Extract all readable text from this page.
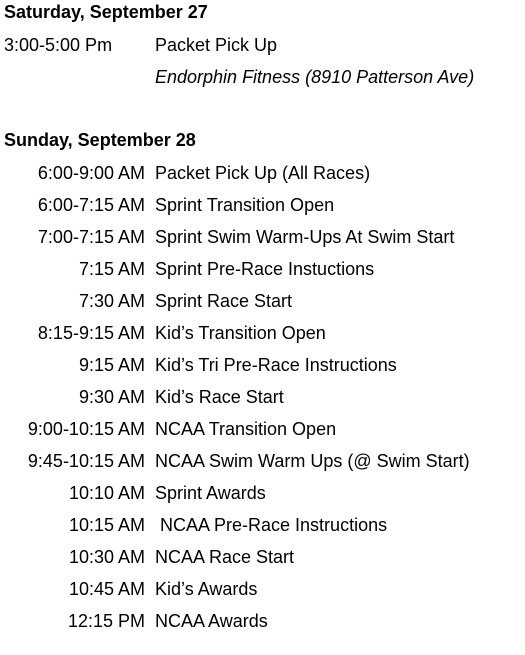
Saturday, September 27
3:00-5:00 Pm Packet Pick Up
Endorphin Fitness (8910 Patterson Ave)
Sunday, September 28
6:00-9:00 AM Packet Pick Up (All Races)
6:00-7:15 AM Sprint Transition Open
7:00-7:15 AM Sprint Swim Warm-Ups At Swim Start
7:15 AM Sprint Pre-Race Instuctions
7:30 AM Sprint Race Start
8:15-9:15 AM Kid’s Transition Open
9:15 AM Kid’s Tri Pre-Race Instructions
9:30 AM Kid’s Race Start
9:00-10:15 AM NCAA Transition Open
9:45-10:15 AM NCAA Swim Warm Ups (@ Swim Start)
10:10 AM Sprint Awards
10:15 AM NCAA Pre-Race Instructions
10:30 AM NCAA Race Start
10:45 AM Kid’s Awards
12:15 PM NCAA Awards
